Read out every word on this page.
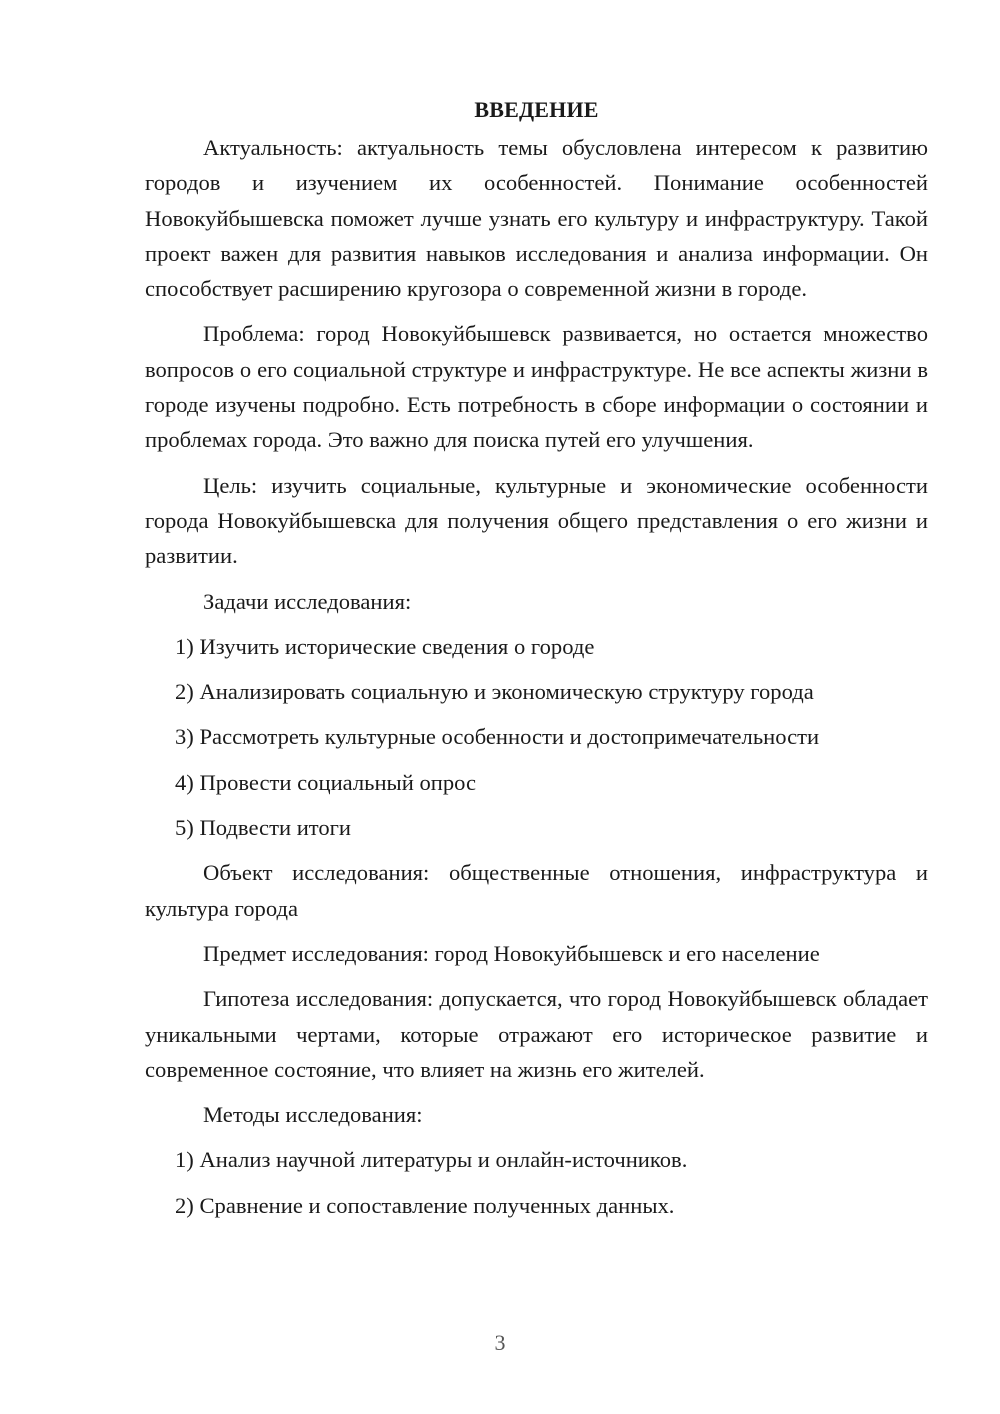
ВВЕДЕНИЕ
Актуальность: актуальность темы обусловлена интересом к развитию городов и изучением их особенностей. Понимание особенностей Новокуйбышевска поможет лучше узнать его культуру и инфраструктуру. Такой проект важен для развития навыков исследования и анализа информации. Он способствует расширению кругозора о современной жизни в городе.
Проблема: город Новокуйбышевск развивается, но остается множество вопросов о его социальной структуре и инфраструктуре. Не все аспекты жизни в городе изучены подробно. Есть потребность в сборе информации о состоянии и проблемах города. Это важно для поиска путей его улучшения.
Цель: изучить социальные, культурные и экономические особенности города Новокуйбышевска для получения общего представления о его жизни и развитии.
Задачи исследования:
1) Изучить исторические сведения о городе
2) Анализировать социальную и экономическую структуру города
3) Рассмотреть культурные особенности и достопримечательности
4) Провести социальный опрос
5) Подвести итоги
Объект исследования: общественные отношения, инфраструктура и культура города
Предмет исследования: город Новокуйбышевск и его население
Гипотеза исследования: допускается, что город Новокуйбышевск обладает уникальными чертами, которые отражают его историческое развитие и современное состояние, что влияет на жизнь его жителей.
Методы исследования:
1) Анализ научной литературы и онлайн-источников.
2) Сравнение и сопоставление полученных данных.
3
